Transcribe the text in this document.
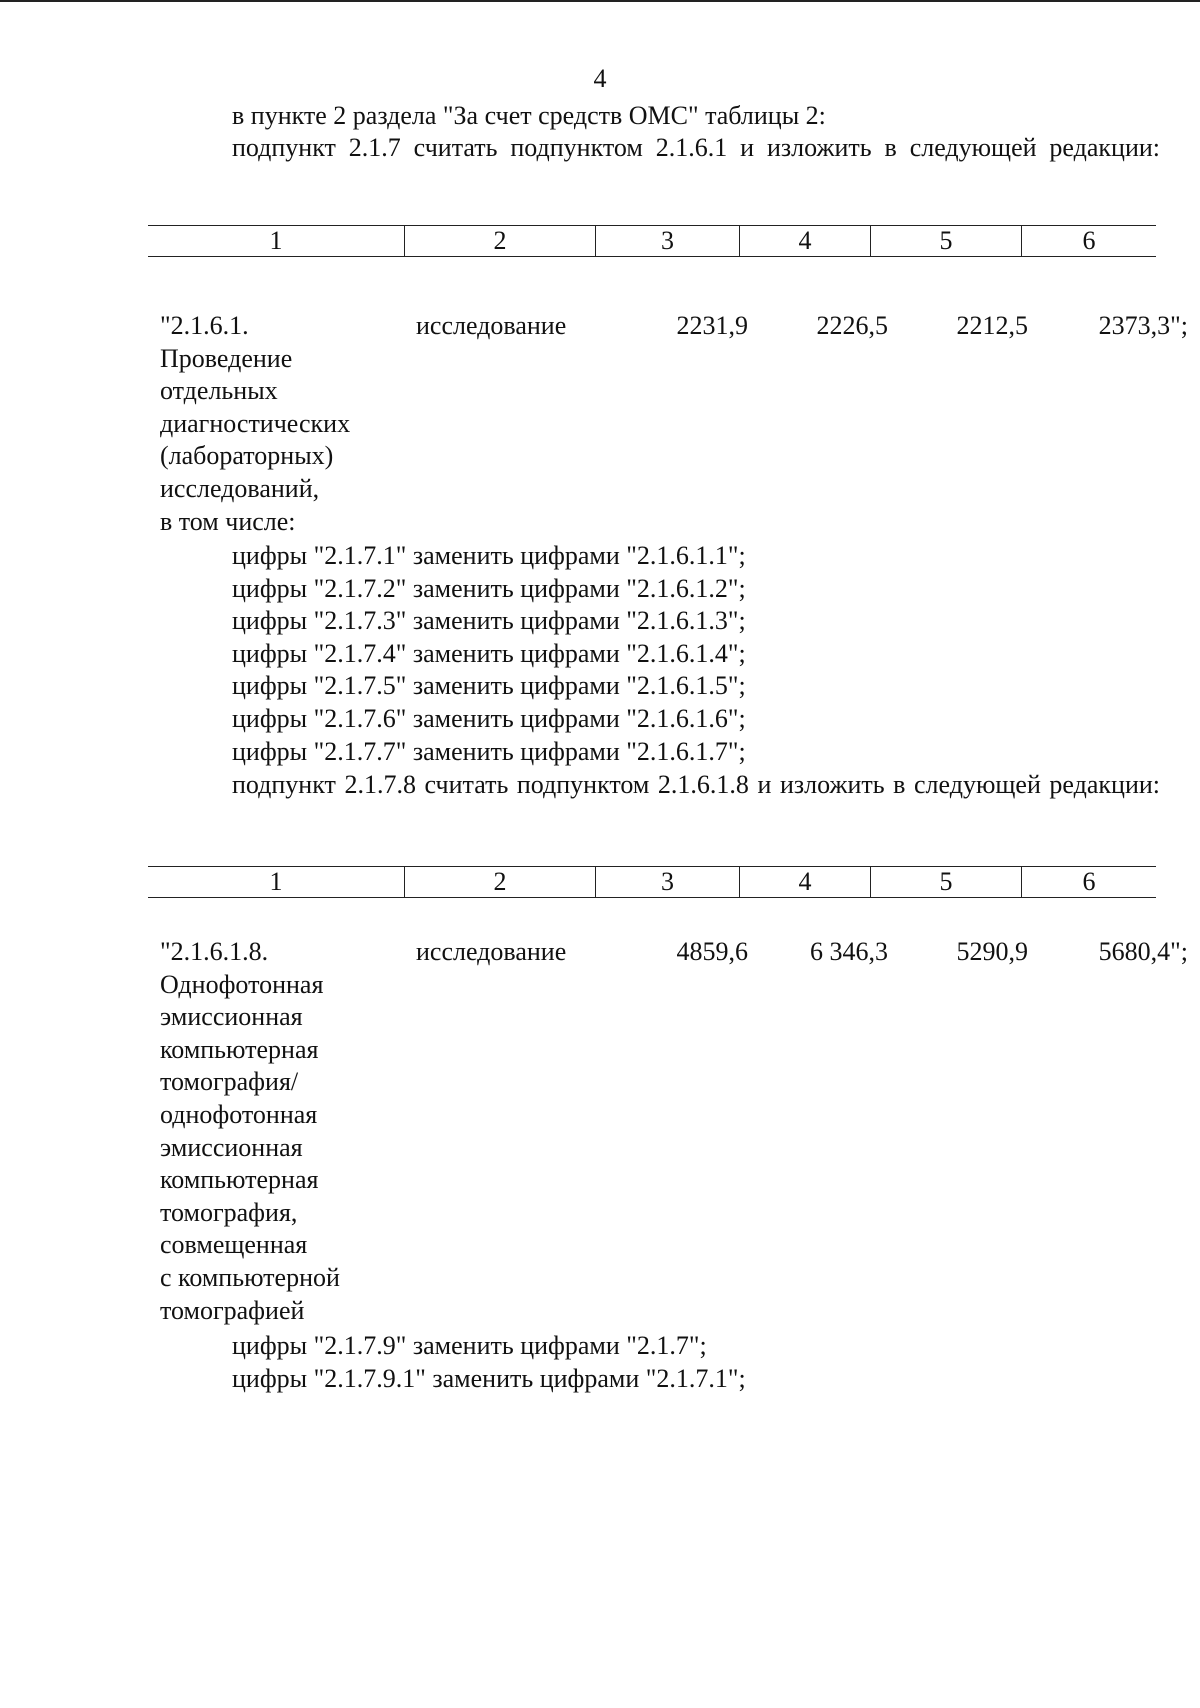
4
в пункте 2 раздела "За счет средств ОМС" таблицы 2:
подпункт 2.1.7 считать подпунктом 2.1.6.1 и изложить в следующей редакции:
1	2	3	4	5	6
"2.1.6.1.
Проведение
отдельных
диагностических
(лабораторных)
исследований,
в том числе:
исследование	2231,9	2226,5	2212,5	2373,3";
цифры "2.1.7.1" заменить цифрами "2.1.6.1.1";
цифры "2.1.7.2" заменить цифрами "2.1.6.1.2";
цифры "2.1.7.3" заменить цифрами "2.1.6.1.3";
цифры "2.1.7.4" заменить цифрами "2.1.6.1.4";
цифры "2.1.7.5" заменить цифрами "2.1.6.1.5";
цифры "2.1.7.6" заменить цифрами "2.1.6.1.6";
цифры "2.1.7.7" заменить цифрами "2.1.6.1.7";
подпункт 2.1.7.8 считать подпунктом 2.1.6.1.8 и изложить в следующей редакции:
1	2	3	4	5	6
"2.1.6.1.8.
Однофотонная
эмиссионная
компьютерная
томография/
однофотонная
эмиссионная
компьютерная
томография,
совмещенная
с компьютерной
томографией
исследование	4859,6	6 346,3	5290,9	5680,4";
цифры "2.1.7.9" заменить цифрами "2.1.7";
цифры "2.1.7.9.1" заменить цифрами "2.1.7.1";
